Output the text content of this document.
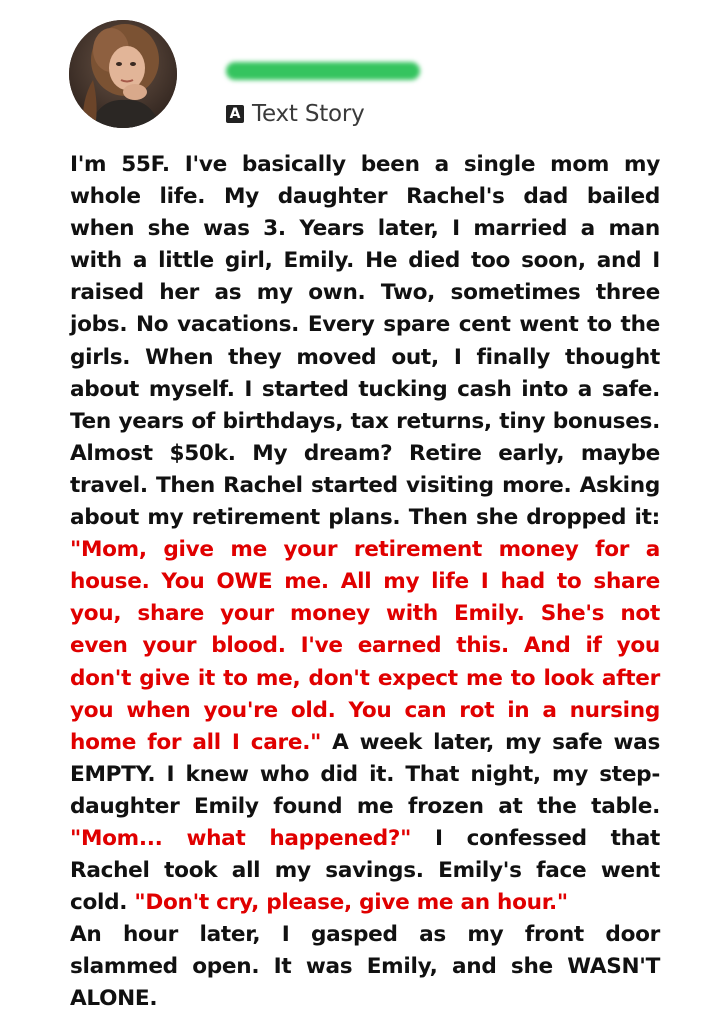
A Text Story

I'm 55F. I've basically been a single mom my whole life. My daughter Rachel's dad bailed when she was 3. Years later, I married a man with a little girl, Emily. He died too soon, and I raised her as my own. Two, sometimes three jobs. No vacations. Every spare cent went to the girls. When they moved out, I finally thought about myself. I started tucking cash into a safe. Ten years of birthdays, tax returns, tiny bonuses. Almost $50k. My dream? Retire early, maybe travel. Then Rachel started visiting more. Asking about my retirement plans. Then she dropped it: "Mom, give me your retirement money for a house. You OWE me. All my life I had to share you, share your money with Emily. She's not even your blood. I've earned this. And if you don't give it to me, don't expect me to look after you when you're old. You can rot in a nursing home for all I care." A week later, my safe was EMPTY. I knew who did it. That night, my step-daughter Emily found me frozen at the table. "Mom... what happened?" I confessed that Rachel took all my savings. Emily's face went cold. "Don't cry, please, give me an hour."

An hour later, I gasped as my front door slammed open. It was Emily, and she WASN'T ALONE.
